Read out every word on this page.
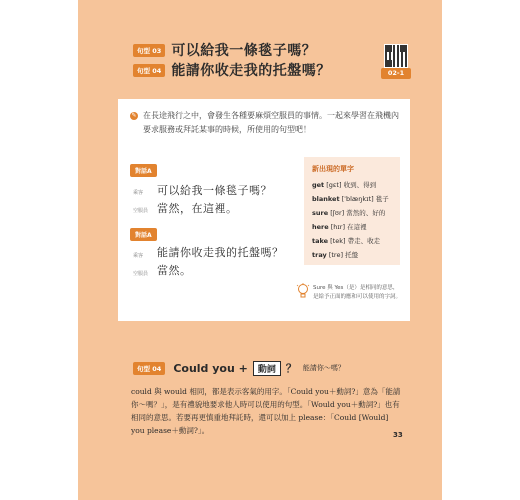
句型 03 可以給我一條毯子嗎？
句型 04 能請你收走我的托盤嗎？	02-1
✎ 在長途飛行之中，會發生各種要麻煩空服員的事情。一起來學習在飛機內要求服務或拜託某事的時候，所使用的句型吧！
對話A
乘客 可以給我一條毯子嗎？
空服員 當然，在這裡。
對話A
乘客 能請你收走我的托盤嗎？
空服員 當然。
新出現的單字
get [gɛt] 收到、得到
blanket [ˈblæŋkɪt] 毯子
sure [ʃʊr] 當然的、好的
here [hɪr] 在這裡
take [tek] 帶走、收走
tray [tre] 托盤
Sure 與 Yes（是）是相同的意思，是給予正面的應和可以使用的字詞。
句型 04	Could you +	動詞 ？ 能請你～嗎？
could 與 would 相同，都是表示客氣的用字。「Could you＋動詞?」意為「能請你～嗎？」，是有禮貌地要求他人時可以使用的句型。「Would you＋動詞?」也有相同的意思。若要再更慎重地拜託時，還可以加上 please：「Could [Would] you please＋動詞?」。	33
